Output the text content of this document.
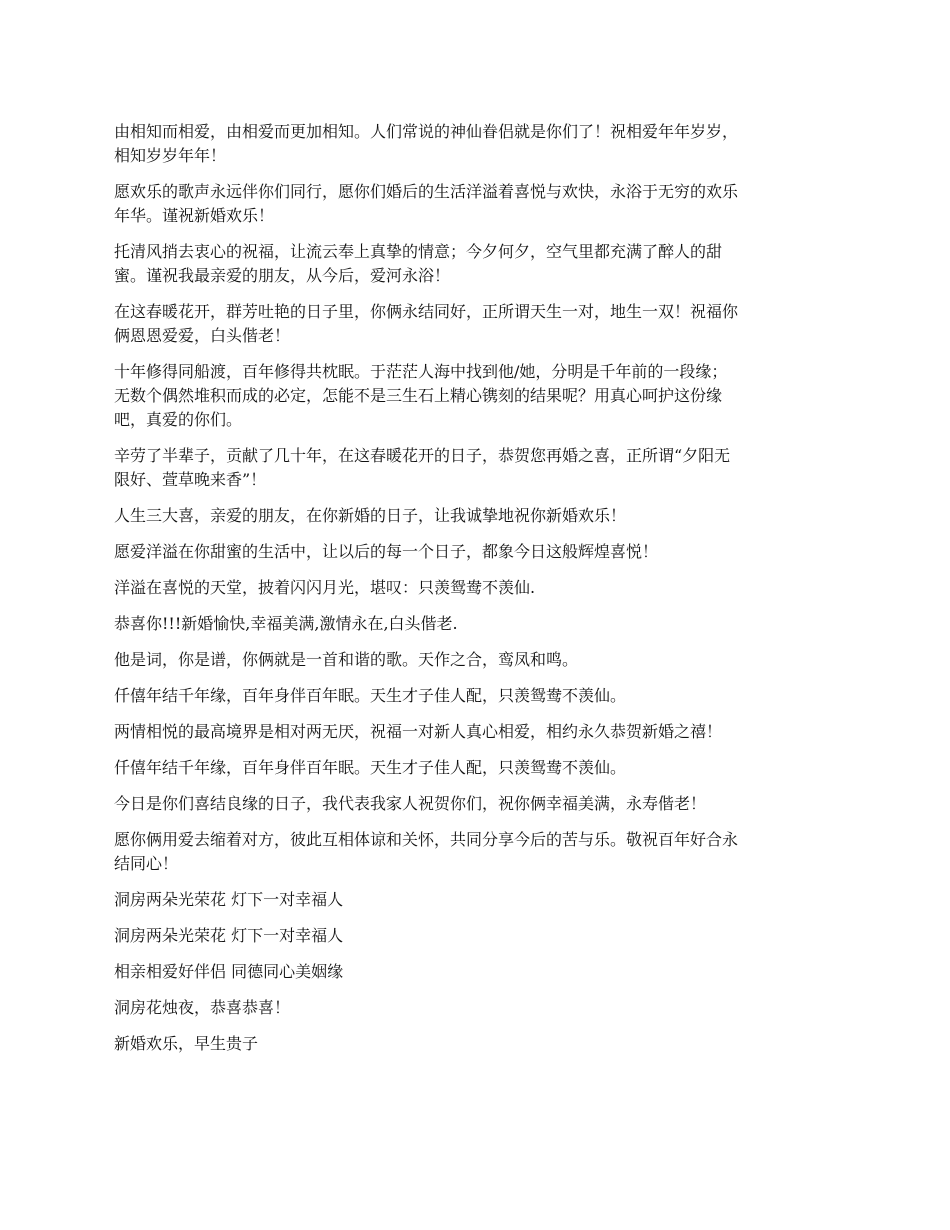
由相知而相爱，由相爱而更加相知。人们常说的神仙眷侣就是你们了！祝相爱年年岁岁，
相知岁岁年年！

愿欢乐的歌声永远伴你们同行，愿你们婚后的生活洋溢着喜悦与欢快，永浴于无穷的欢乐
年华。谨祝新婚欢乐！

托清风捎去衷心的祝福，让流云奉上真挚的情意；今夕何夕，空气里都充满了醉人的甜
蜜。谨祝我最亲爱的朋友，从今后，爱河永浴！

在这春暖花开，群芳吐艳的日子里，你俩永结同好，正所谓天生一对，地生一双！祝福你
俩恩恩爱爱，白头偕老！

十年修得同船渡，百年修得共枕眠。于茫茫人海中找到他/她，分明是千年前的一段缘；
无数个偶然堆积而成的必定，怎能不是三生石上精心镌刻的结果呢？用真心呵护这份缘
吧，真爱的你们。

辛劳了半辈子，贡献了几十年，在这春暖花开的日子，恭贺您再婚之喜，正所谓“夕阳无
限好、萱草晚来香”！

人生三大喜，亲爱的朋友，在你新婚的日子，让我诚挚地祝你新婚欢乐！

愿爱洋溢在你甜蜜的生活中，让以后的每一个日子，都象今日这般辉煌喜悦！

洋溢在喜悦的天堂，披着闪闪月光，堪叹：只羡鸳鸯不羡仙.

恭喜你!!!新婚愉快,幸福美满,激情永在,白头偕老.

他是词，你是谱，你俩就是一首和谐的歌。天作之合，鸾凤和鸣。

仟僖年结千年缘，百年身伴百年眠。天生才子佳人配，只羡鸳鸯不羡仙。

两情相悦的最高境界是相对两无厌，祝福一对新人真心相爱，相约永久恭贺新婚之禧！

仟僖年结千年缘，百年身伴百年眠。天生才子佳人配，只羡鸳鸯不羡仙。

今日是你们喜结良缘的日子，我代表我家人祝贺你们，祝你俩幸福美满，永寿偕老！

愿你俩用爱去缩着对方，彼此互相体谅和关怀，共同分享今后的苦与乐。敬祝百年好合永
结同心！

洞房两朵光荣花 灯下一对幸福人

洞房两朵光荣花 灯下一对幸福人

相亲相爱好伴侣 同德同心美姻缘

洞房花烛夜，恭喜恭喜！

新婚欢乐，早生贵子
